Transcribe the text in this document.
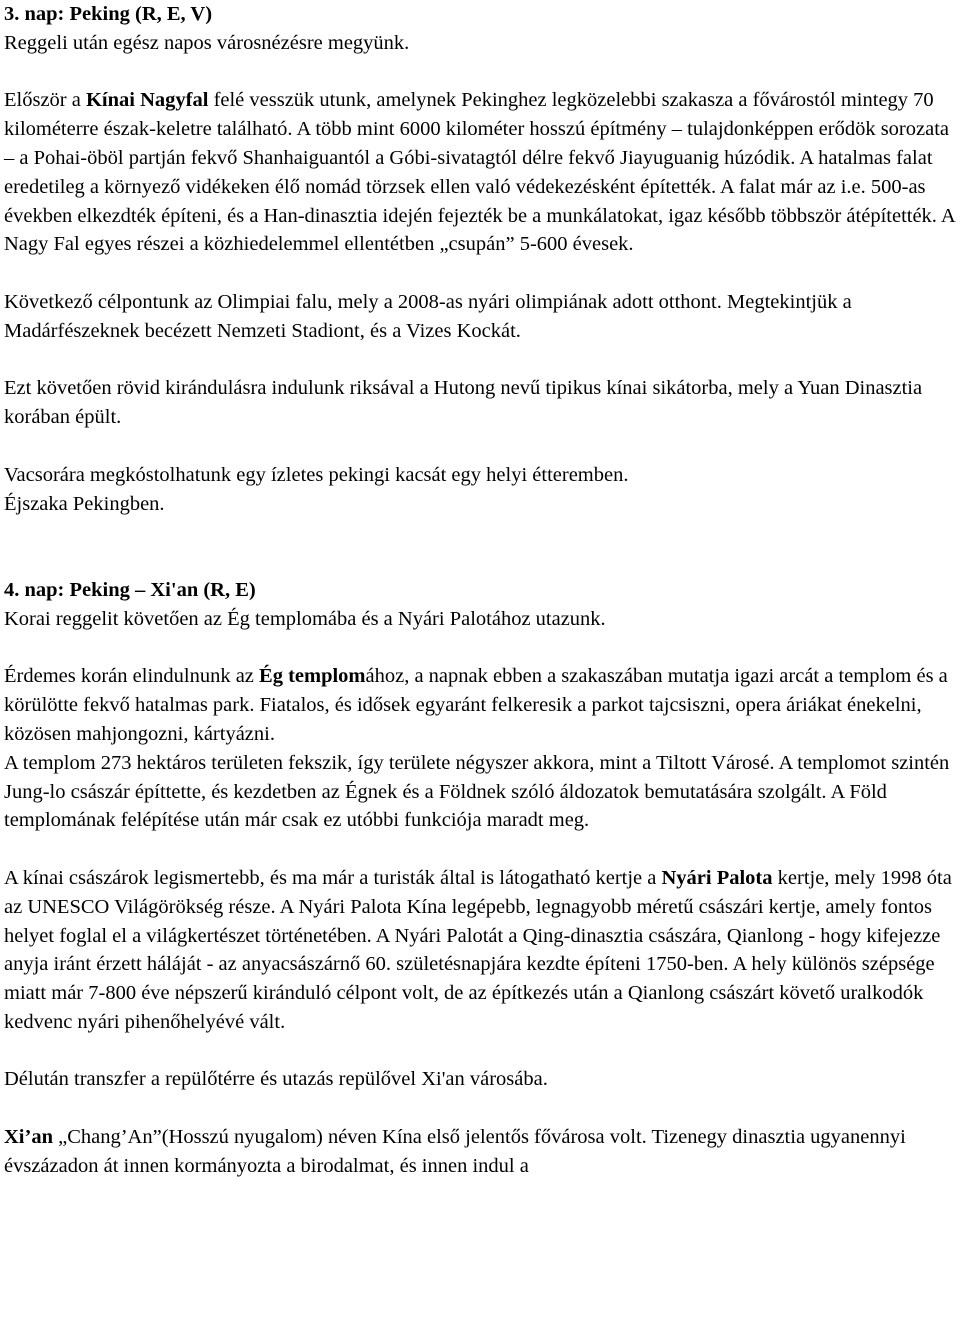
3. nap: Peking (R, E, V)

Reggeli után egész napos városnézésre megyünk.

Először a Kínai Nagyfal felé vesszük utunk, amelynek Pekinghez legközelebbi szakasza a fővárostól mintegy 70 kilométerre észak-keletre található. A több mint 6000 kilométer hosszú építmény – tulajdonképpen erődök sorozata – a Pohai-öböl partján fekvő Shanhaiguantól a Góbi-sivatagtól délre fekvő Jiayuguanig húzódik. A hatalmas falat eredetileg a környező vidékeken élő nomád törzsek ellen való védekezésként építették. A falat már az i.e. 500-as években elkezdték építeni, és a Han-dinasztia idején fejezték be a munkálatokat, igaz később többször átépítették. A Nagy Fal egyes részei a közhiedelemmel ellentétben „csupán” 5-600 évesek.

Következő célpontunk az Olimpiai falu, mely a 2008-as nyári olimpiának adott otthont. Megtekintjük a Madárfészeknek becézett Nemzeti Stadiont, és a Vizes Kockát.

Ezt követően rövid kirándulásra indulunk riksával a Hutong nevű tipikus kínai sikátorba, mely a Yuan Dinasztia korában épült.

Vacsorára megkóstolhatunk egy ízletes pekingi kacsát egy helyi étteremben.

Éjszaka Pekingben.

4. nap: Peking – Xi'an (R, E)

Korai reggelit követően az Ég templomába és a Nyári Palotához utazunk.

Érdemes korán elindulnunk az Ég templomához, a napnak ebben a szakaszában mutatja igazi arcát a templom és a körülötte fekvő hatalmas park. Fiatalos, és idősek egyaránt felkeresik a parkot tajcsiszni, opera áriákat énekelni, közösen mahjongozni, kártyázni.

A templom 273 hektáros területen fekszik, így területe négyszer akkora, mint a Tiltott Városé. A templomot szintén Jung-lo császár építtette, és kezdetben az Égnek és a Földnek szóló áldozatok bemutatására szolgált. A Föld templomának felépítése után már csak ez utóbbi funkciója maradt meg.

A kínai császárok legismertebb, és ma már a turisták által is látogatható kertje a Nyári Palota kertje, mely 1998 óta az UNESCO Világörökség része. A Nyári Palota Kína legépebb, legnagyobb méretű császári kertje, amely fontos helyet foglal el a világkertészet történetében. A Nyári Palotát a Qing-dinasztia császára, Qianlong - hogy kifejezze anyja iránt érzett háláját - az anyacsászárnő 60. születésnapjára kezdte építeni 1750-ben. A hely különös szépsége miatt már 7-800 éve népszerű kiránduló célpont volt, de az építkezés után a Qianlong császárt követő uralkodók kedvenc nyári pihenőhelyévé vált.

Délután transzfer a repülőtérre és utazás repülővel Xi'an városába.

Xi’an „Chang’An”(Hosszú nyugalom) néven Kína első jelentős fővárosa volt. Tizenegy dinasztia ugyanennyi évszázadon át innen kormányozta a birodalmat, és innen indul a
